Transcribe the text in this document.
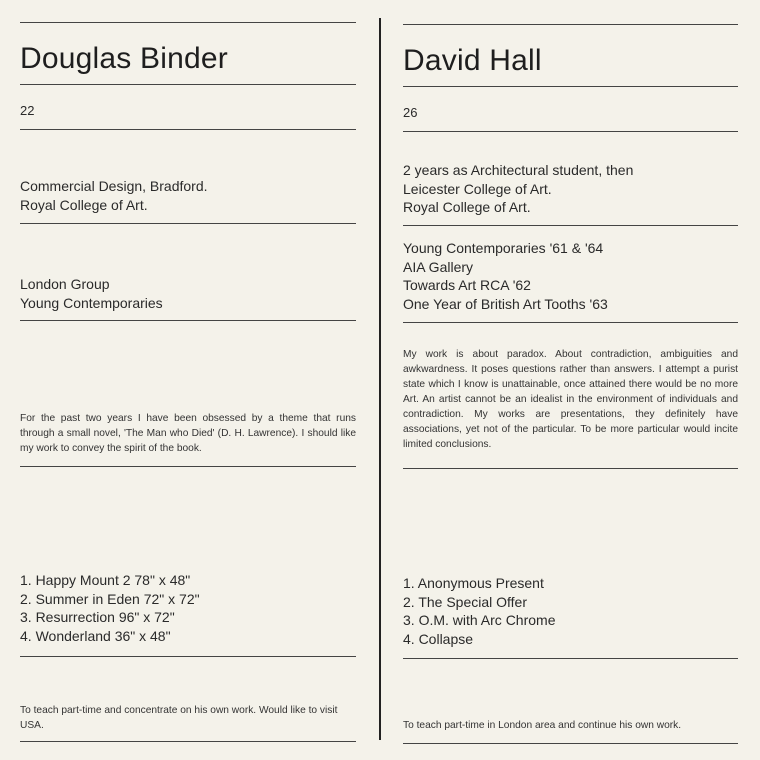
Douglas Binder
22
Commercial Design, Bradford.
Royal College of Art.
London Group
Young Contemporaries
For the past two years I have been obsessed by a theme that runs through a small novel, 'The Man who Died' (D. H. Lawrence). I should like my work to convey the spirit of the book.
1. Happy Mount 2 78" x 48"
2. Summer in Eden 72" x 72"
3. Resurrection 96" x 72"
4. Wonderland 36" x 48"
To teach part-time and concentrate on his own work. Would like to visit USA.
David Hall
26
2 years as Architectural student, then
Leicester College of Art.
Royal College of Art.
Young Contemporaries '61 & '64
AIA Gallery
Towards Art RCA '62
One Year of British Art Tooths '63
My work is about paradox. About contradiction, ambiguities and awkwardness. It poses questions rather than answers. I attempt a purist state which I know is unattainable, once attained there would be no more Art. An artist cannot be an idealist in the environment of individuals and contradiction. My works are presentations, they definitely have associations, yet not of the particular. To be more particular would incite limited conclusions.
1. Anonymous Present
2. The Special Offer
3. O.M. with Arc Chrome
4. Collapse
To teach part-time in London area and continue his own work.
